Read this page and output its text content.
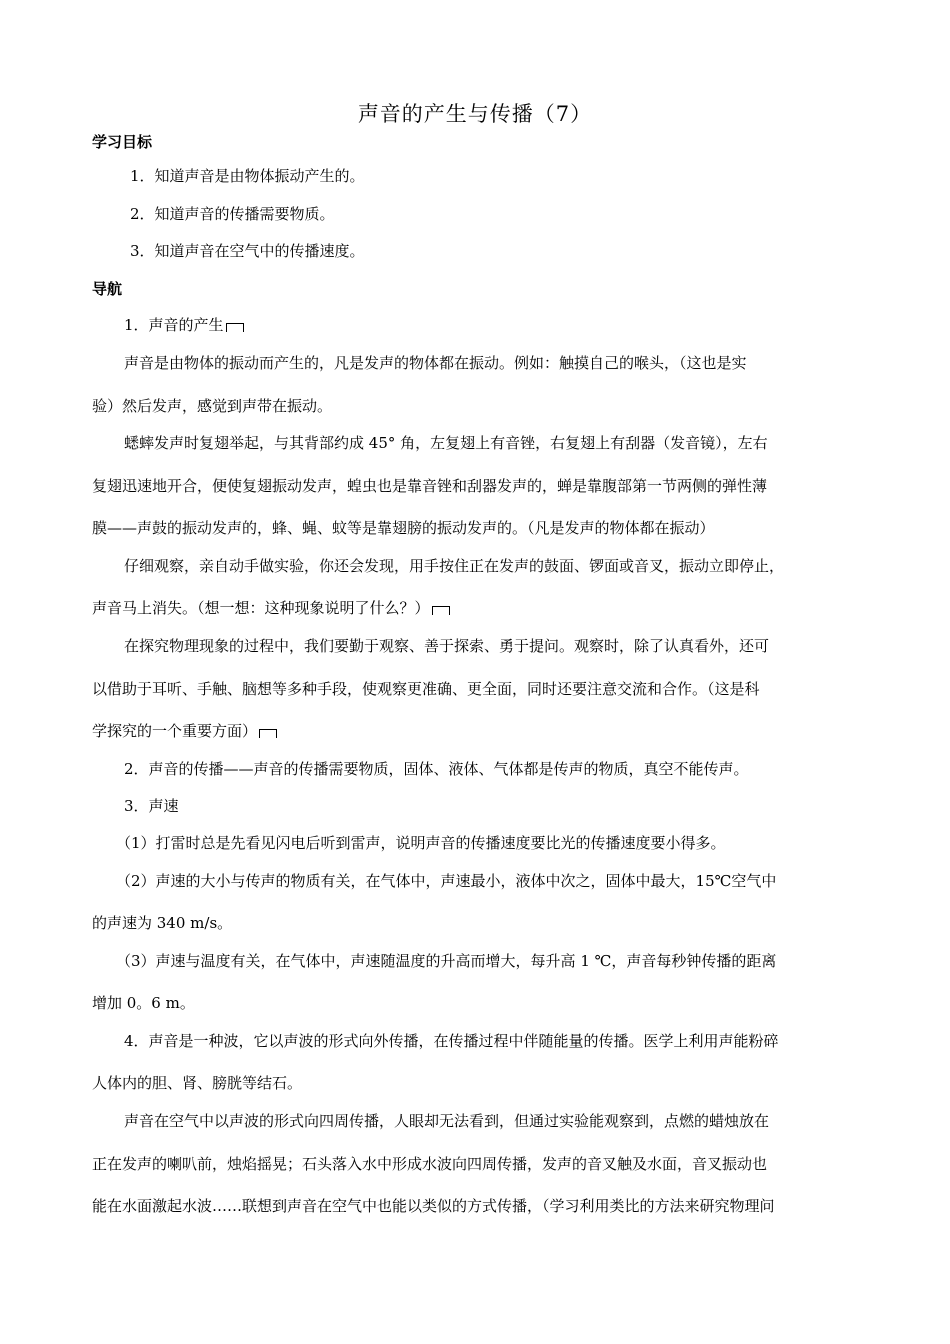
声音的产生与传播（7）
学习目标
1．知道声音是由物体振动产生的。
2．知道声音的传播需要物质。
3．知道声音在空气中的传播速度。
导航
1．声音的产生
声音是由物体的振动而产生的，凡是发声的物体都在振动。例如：触摸自己的喉头，（这也是实
验）然后发声，感觉到声带在振动。
蟋蟀发声时复翅举起，与其背部约成 45° 角，左复翅上有音锉，右复翅上有刮器（发音镜），左右
复翅迅速地开合，便使复翅振动发声，蝗虫也是靠音锉和刮器发声的，蝉是靠腹部第一节两侧的弹性薄
膜——声鼓的振动发声的，蜂、蝇、蚊等是靠翅膀的振动发声的。（凡是发声的物体都在振动）
仔细观察，亲自动手做实验，你还会发现，用手按住正在发声的鼓面、锣面或音叉，振动立即停止，
声音马上消失。（想一想：这种现象说明了什么？）
在探究物理现象的过程中，我们要勤于观察、善于探索、勇于提问。观察时，除了认真看外，还可
以借助于耳听、手触、脑想等多种手段，使观察更准确、更全面，同时还要注意交流和合作。（这是科
学探究的一个重要方面）
2．声音的传播——声音的传播需要物质，固体、液体、气体都是传声的物质，真空不能传声。
3．声速
（1）打雷时总是先看见闪电后听到雷声，说明声音的传播速度要比光的传播速度要小得多。
（2）声速的大小与传声的物质有关，在气体中，声速最小，液体中次之，固体中最大，15℃空气中
的声速为 340 m/s。
（3）声速与温度有关，在气体中，声速随温度的升高而增大，每升高 1 ℃，声音每秒钟传播的距离
增加 0。6 m。
4．声音是一种波，它以声波的形式向外传播，在传播过程中伴随能量的传播。医学上利用声能粉碎
人体内的胆、肾、膀胱等结石。
声音在空气中以声波的形式向四周传播，人眼却无法看到，但通过实验能观察到，点燃的蜡烛放在
正在发声的喇叭前，烛焰摇晃；石头落入水中形成水波向四周传播，发声的音叉触及水面，音叉振动也
能在水面激起水波……联想到声音在空气中也能以类似的方式传播，（学习利用类比的方法来研究物理问
